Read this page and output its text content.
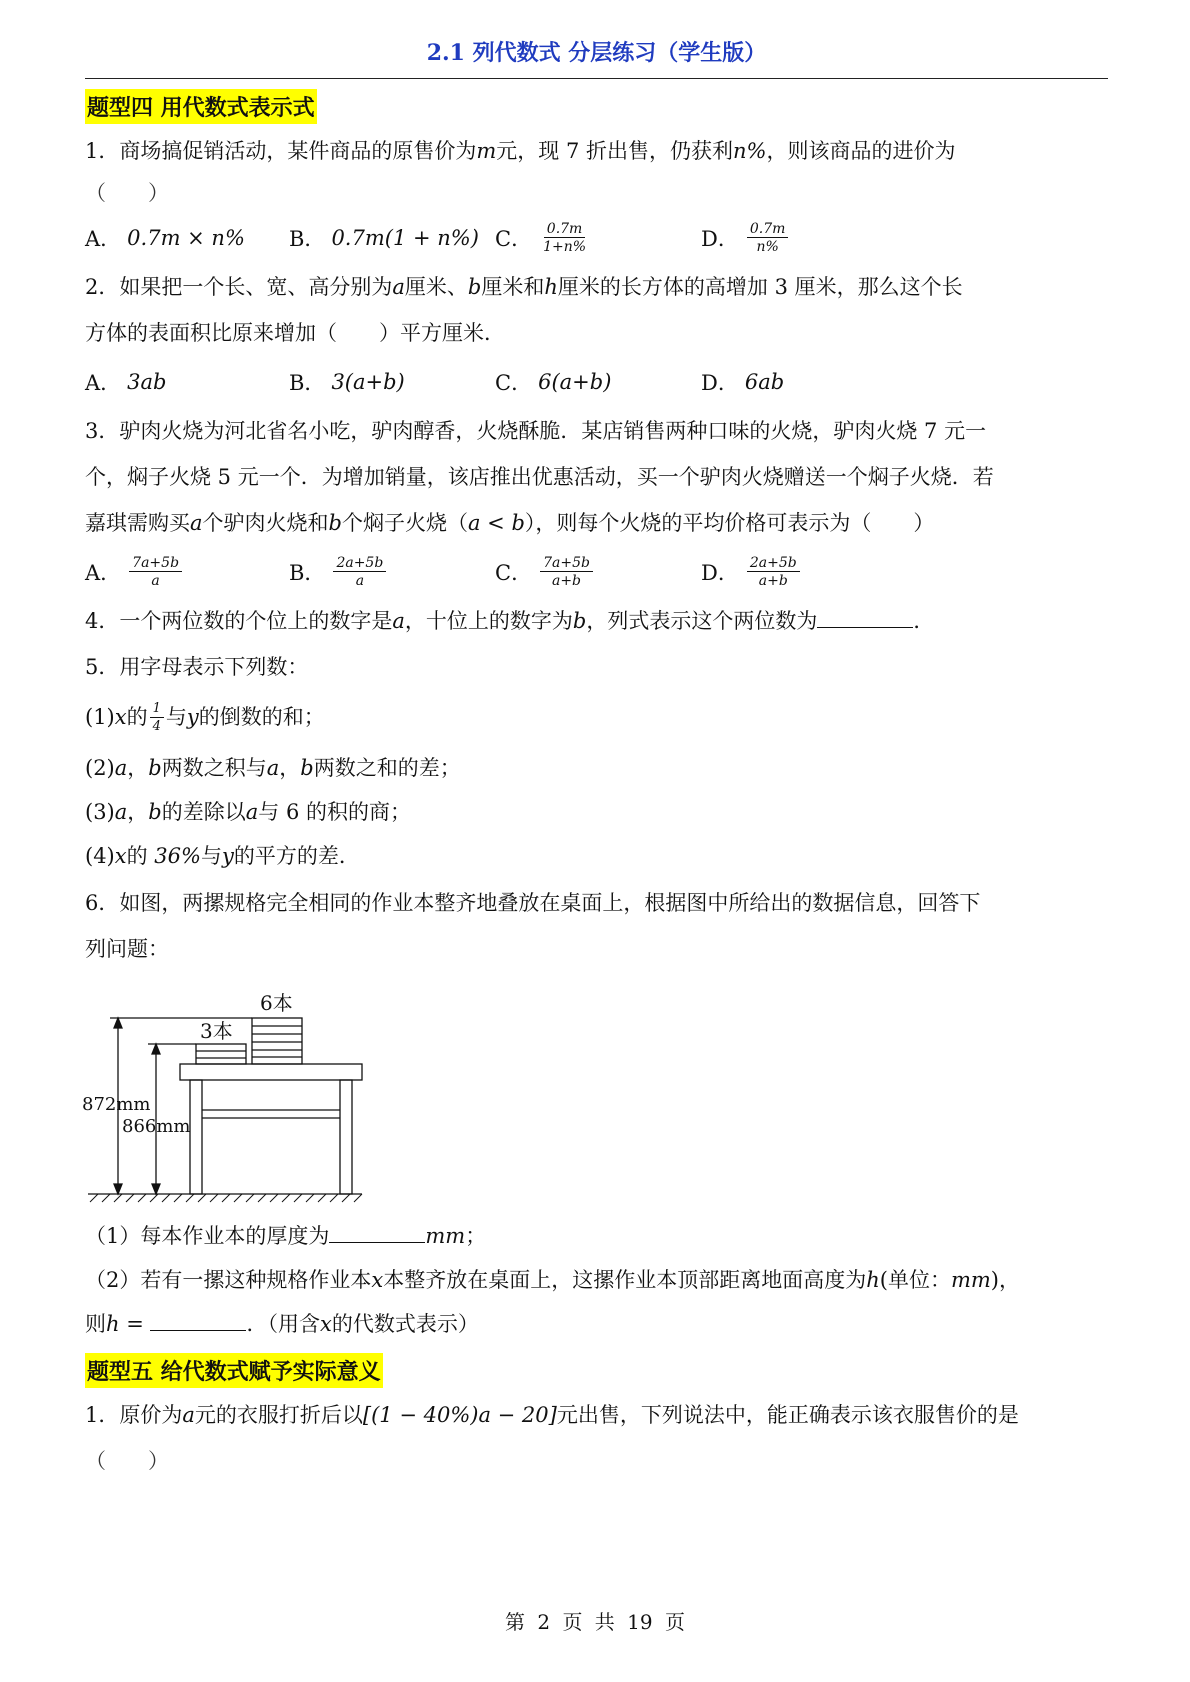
2.1 列代数式 分层练习（学生版）
题型四 用代数式表示式

1．商场搞促销活动，某件商品的原售价为m元，现 7 折出售，仍获利n%，则该商品的进价为

（　　）

A． 0.7m × n% B． 0.7m(1 + n%) C． $\frac{0.7m}{1+n\%}$	D． $\frac{0.7m}{n\%}$

2．如果把一个长、宽、高分别为a厘米、b厘米和h厘米的长方体的高增加 3 厘米，那么这个长

方体的表面积比原来增加（　　）平方厘米．

A． 3ab	B． 3(a+b)	C． 6(a+b)	D． 6ab

3．驴肉火烧为河北省名小吃，驴肉醇香，火烧酥脆．某店销售两种口味的火烧，驴肉火烧 7 元一

个，焖子火烧 5 元一个．为增加销量，该店推出优惠活动，买一个驴肉火烧赠送一个焖子火烧．若

嘉琪需购买a个驴肉火烧和b个焖子火烧（a < b），则每个火烧的平均价格可表示为（　　）

A． $\frac{7a+5b}{a}$	B． $\frac{2a+5b}{a}$	C． $\frac{7a+5b}{a+b}$	D． $\frac{2a+5b}{a+b}$

4．一个两位数的个位上的数字是a，十位上的数字为b，列式表示这个两位数为	．

5．用字母表示下列数：

(1)x的 $\frac{1}{4}$ 与y的倒数的和；

(2)a，b两数之积与a，b两数之和的差；

(3)a，b的差除以a与 6 的积的商；

(4)x的 36%与y的平方的差．

6．如图，两摞规格完全相同的作业本整齐地叠放在桌面上，根据图中所给出的数据信息，回答下

列问题：

6本
3本
872mm
866mm

（1）每本作业本的厚度为	mm；

（2）若有一摞这种规格作业本x本整齐放在桌面上，这摞作业本顶部距离地面高度为h(单位：mm)，

则h =	．（用含x的代数式表示）

题型五 给代数式赋予实际意义

1．原价为a元的衣服打折后以[(1 − 40%)a − 20]元出售，下列说法中，能正确表示该衣服售价的是

（　　）

第 2 页 共 19 页
